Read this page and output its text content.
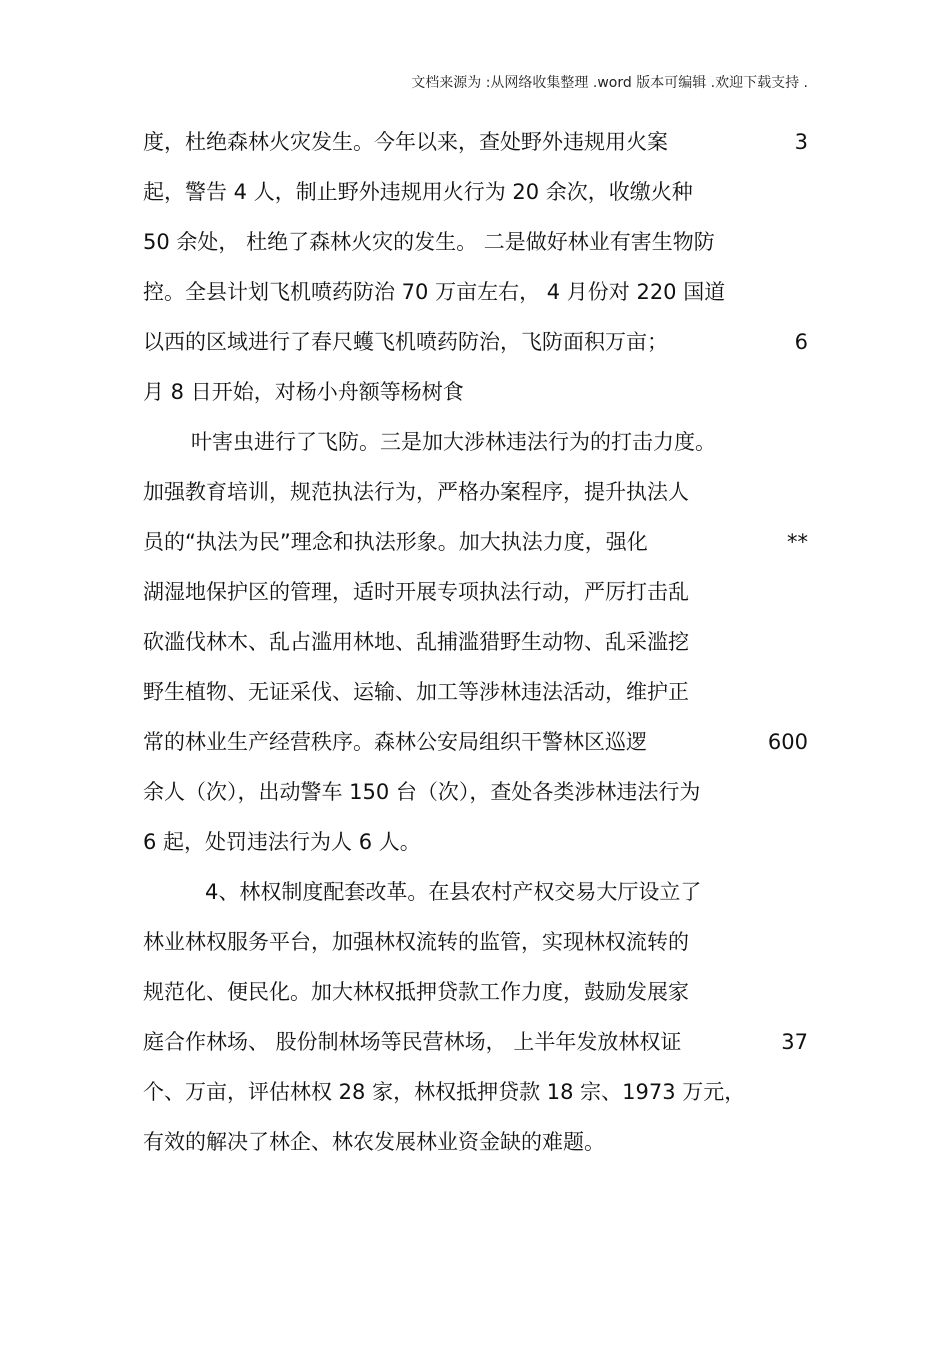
文档来源为 :从网络收集整理 .word 版本可编辑 .欢迎下载支持 .
度，杜绝森林火灾发生。今年以来，查处野外违规用火案	3
起，警告 4 人，制止野外违规用火行为 20 余次，收缴火种
50 余处， 杜绝了森林火灾的发生。 二是做好林业有害生物防
控。全县计划飞机喷药防治 70 万亩左右， 4 月份对 220 国道
以西的区域进行了春尺蠖飞机喷药防治，飞防面积万亩；	6
月 8 日开始，对杨小舟额等杨树食
叶害虫进行了飞防。三是加大涉林违法行为的打击力度。
加强教育培训，规范执法行为，严格办案程序，提升执法人
员的“执法为民”理念和执法形象。加大执法力度，强化	**
湖湿地保护区的管理，适时开展专项执法行动，严厉打击乱
砍滥伐林木、乱占滥用林地、乱捕滥猎野生动物、乱采滥挖
野生植物、无证采伐、运输、加工等涉林违法活动，维护正
常的林业生产经营秩序。森林公安局组织干警林区巡逻	600
余人（次），出动警车 150 台（次），查处各类涉林违法行为
6 起，处罚违法行为人 6 人。
4、林权制度配套改革。在县农村产权交易大厅设立了
林业林权服务平台，加强林权流转的监管，实现林权流转的
规范化、便民化。加大林权抵押贷款工作力度，鼓励发展家
庭合作林场、 股份制林场等民营林场， 上半年发放林权证	37
个、万亩，评估林权 28 家，林权抵押贷款 18 宗、1973 万元，
有效的解决了林企、林农发展林业资金缺的难题。
